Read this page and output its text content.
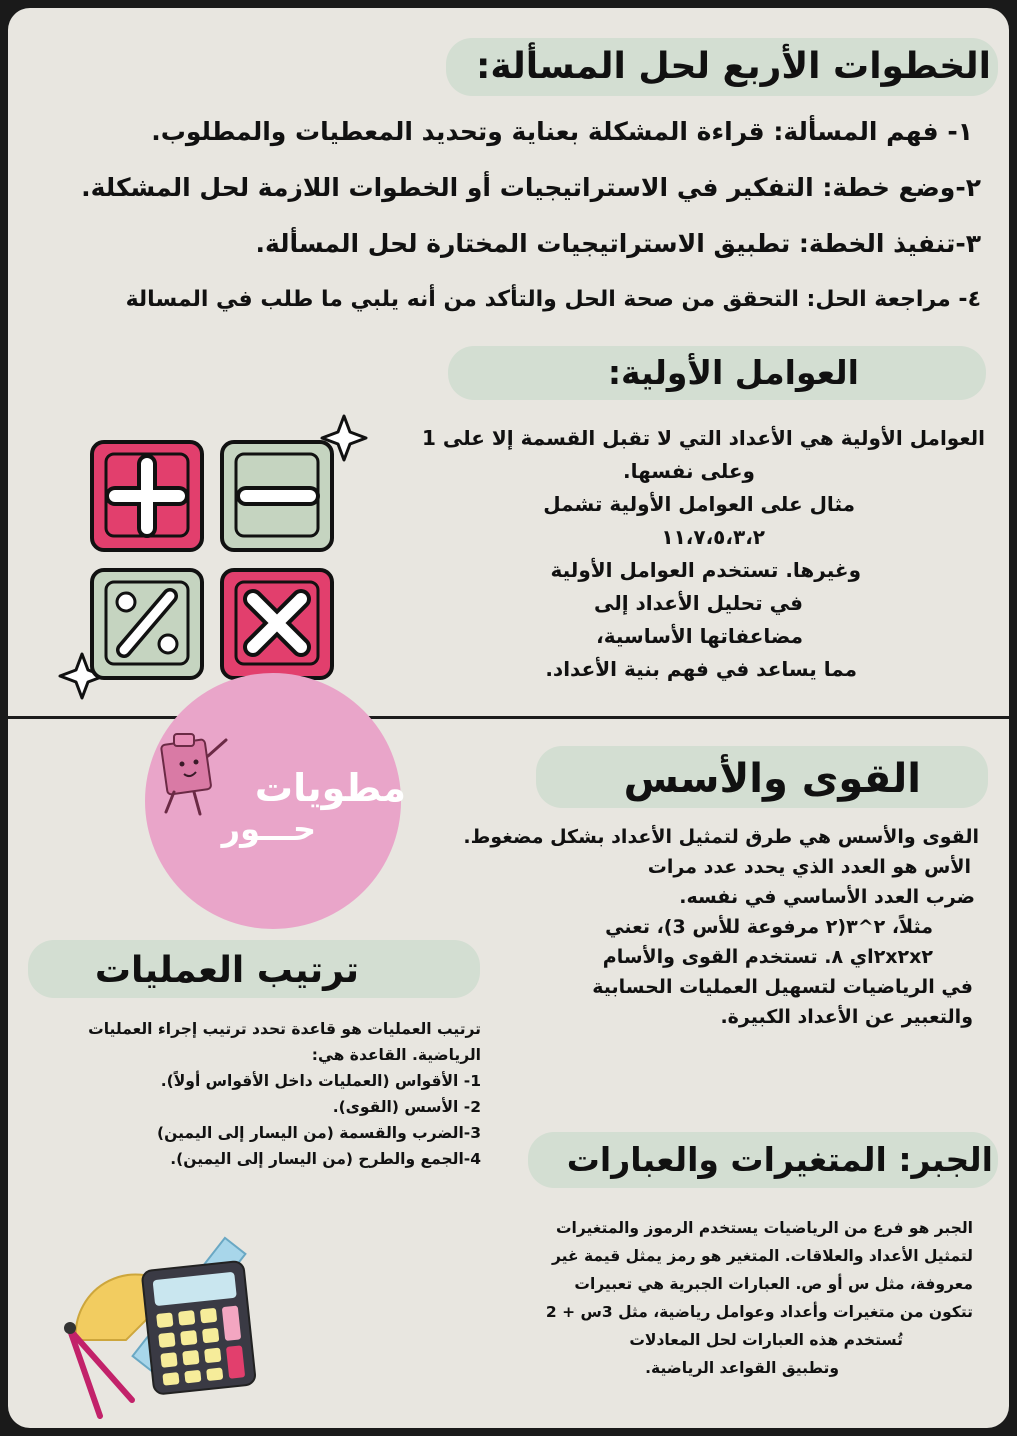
الخطوات الأربع لحل المسألة:
١- فهم المسألة: قراءة المشكلة بعناية وتحديد المعطيات والمطلوب.
٢-وضع خطة: التفكير في الاستراتيجيات أو الخطوات اللازمة لحل المشكلة.
٣-تنفيذ الخطة: تطبيق الاستراتيجيات المختارة لحل المسألة.
٤- مراجعة الحل: التحقق من صحة الحل والتأكد من أنه يلبي ما طلب في المسالة
العوامل الأولية:
العوامل الأولية هي الأعداد التي لا تقبل القسمة إلا على 1
وعلى نفسها.
مثال على العوامل الأولية تشمل
١١،٧،٥،٣،٢
وغيرها. تستخدم العوامل الأولية
في تحليل الأعداد إلى
مضاعفاتها الأساسية،
مما يساعد في فهم بنية الأعداد.
مطويات
حـــور
القوى والأسس
القوى والأسس هي طرق لتمثيل الأعداد بشكل مضغوط.
الأس هو العدد الذي يحدد عدد مرات
ضرب العدد الأساسي في نفسه.
مثلاً، ٢^٣(٢ مرفوعة للأس 3)، تعني
٢x٢x٢اي ٨. تستخدم القوى والأسام
في الرياضيات لتسهيل العمليات الحسابية
والتعبير عن الأعداد الكبيرة.
ترتيب العمليات
ترتيب العمليات هو قاعدة تحدد ترتيب إجراء العمليات
الرياضية. القاعدة هي:
1- الأقواس (العمليات داخل الأقواس أولاً).
2- الأسس (القوى).
3-الضرب والقسمة (من اليسار إلى اليمين)
4-الجمع والطرح (من اليسار إلى اليمين).	الجبر: المتغيرات والعبارات
الجبر هو فرع من الرياضيات يستخدم الرموز والمتغيرات
لتمثيل الأعداد والعلاقات. المتغير هو رمز يمثل قيمة غير
معروفة، مثل س أو ص. العبارات الجبرية هي تعبيرات
تتكون من متغيرات وأعداد وعوامل رياضية، مثل 3س + 2
تُستخدم هذه العبارات لحل المعادلات
وتطبيق القواعد الرياضية.
